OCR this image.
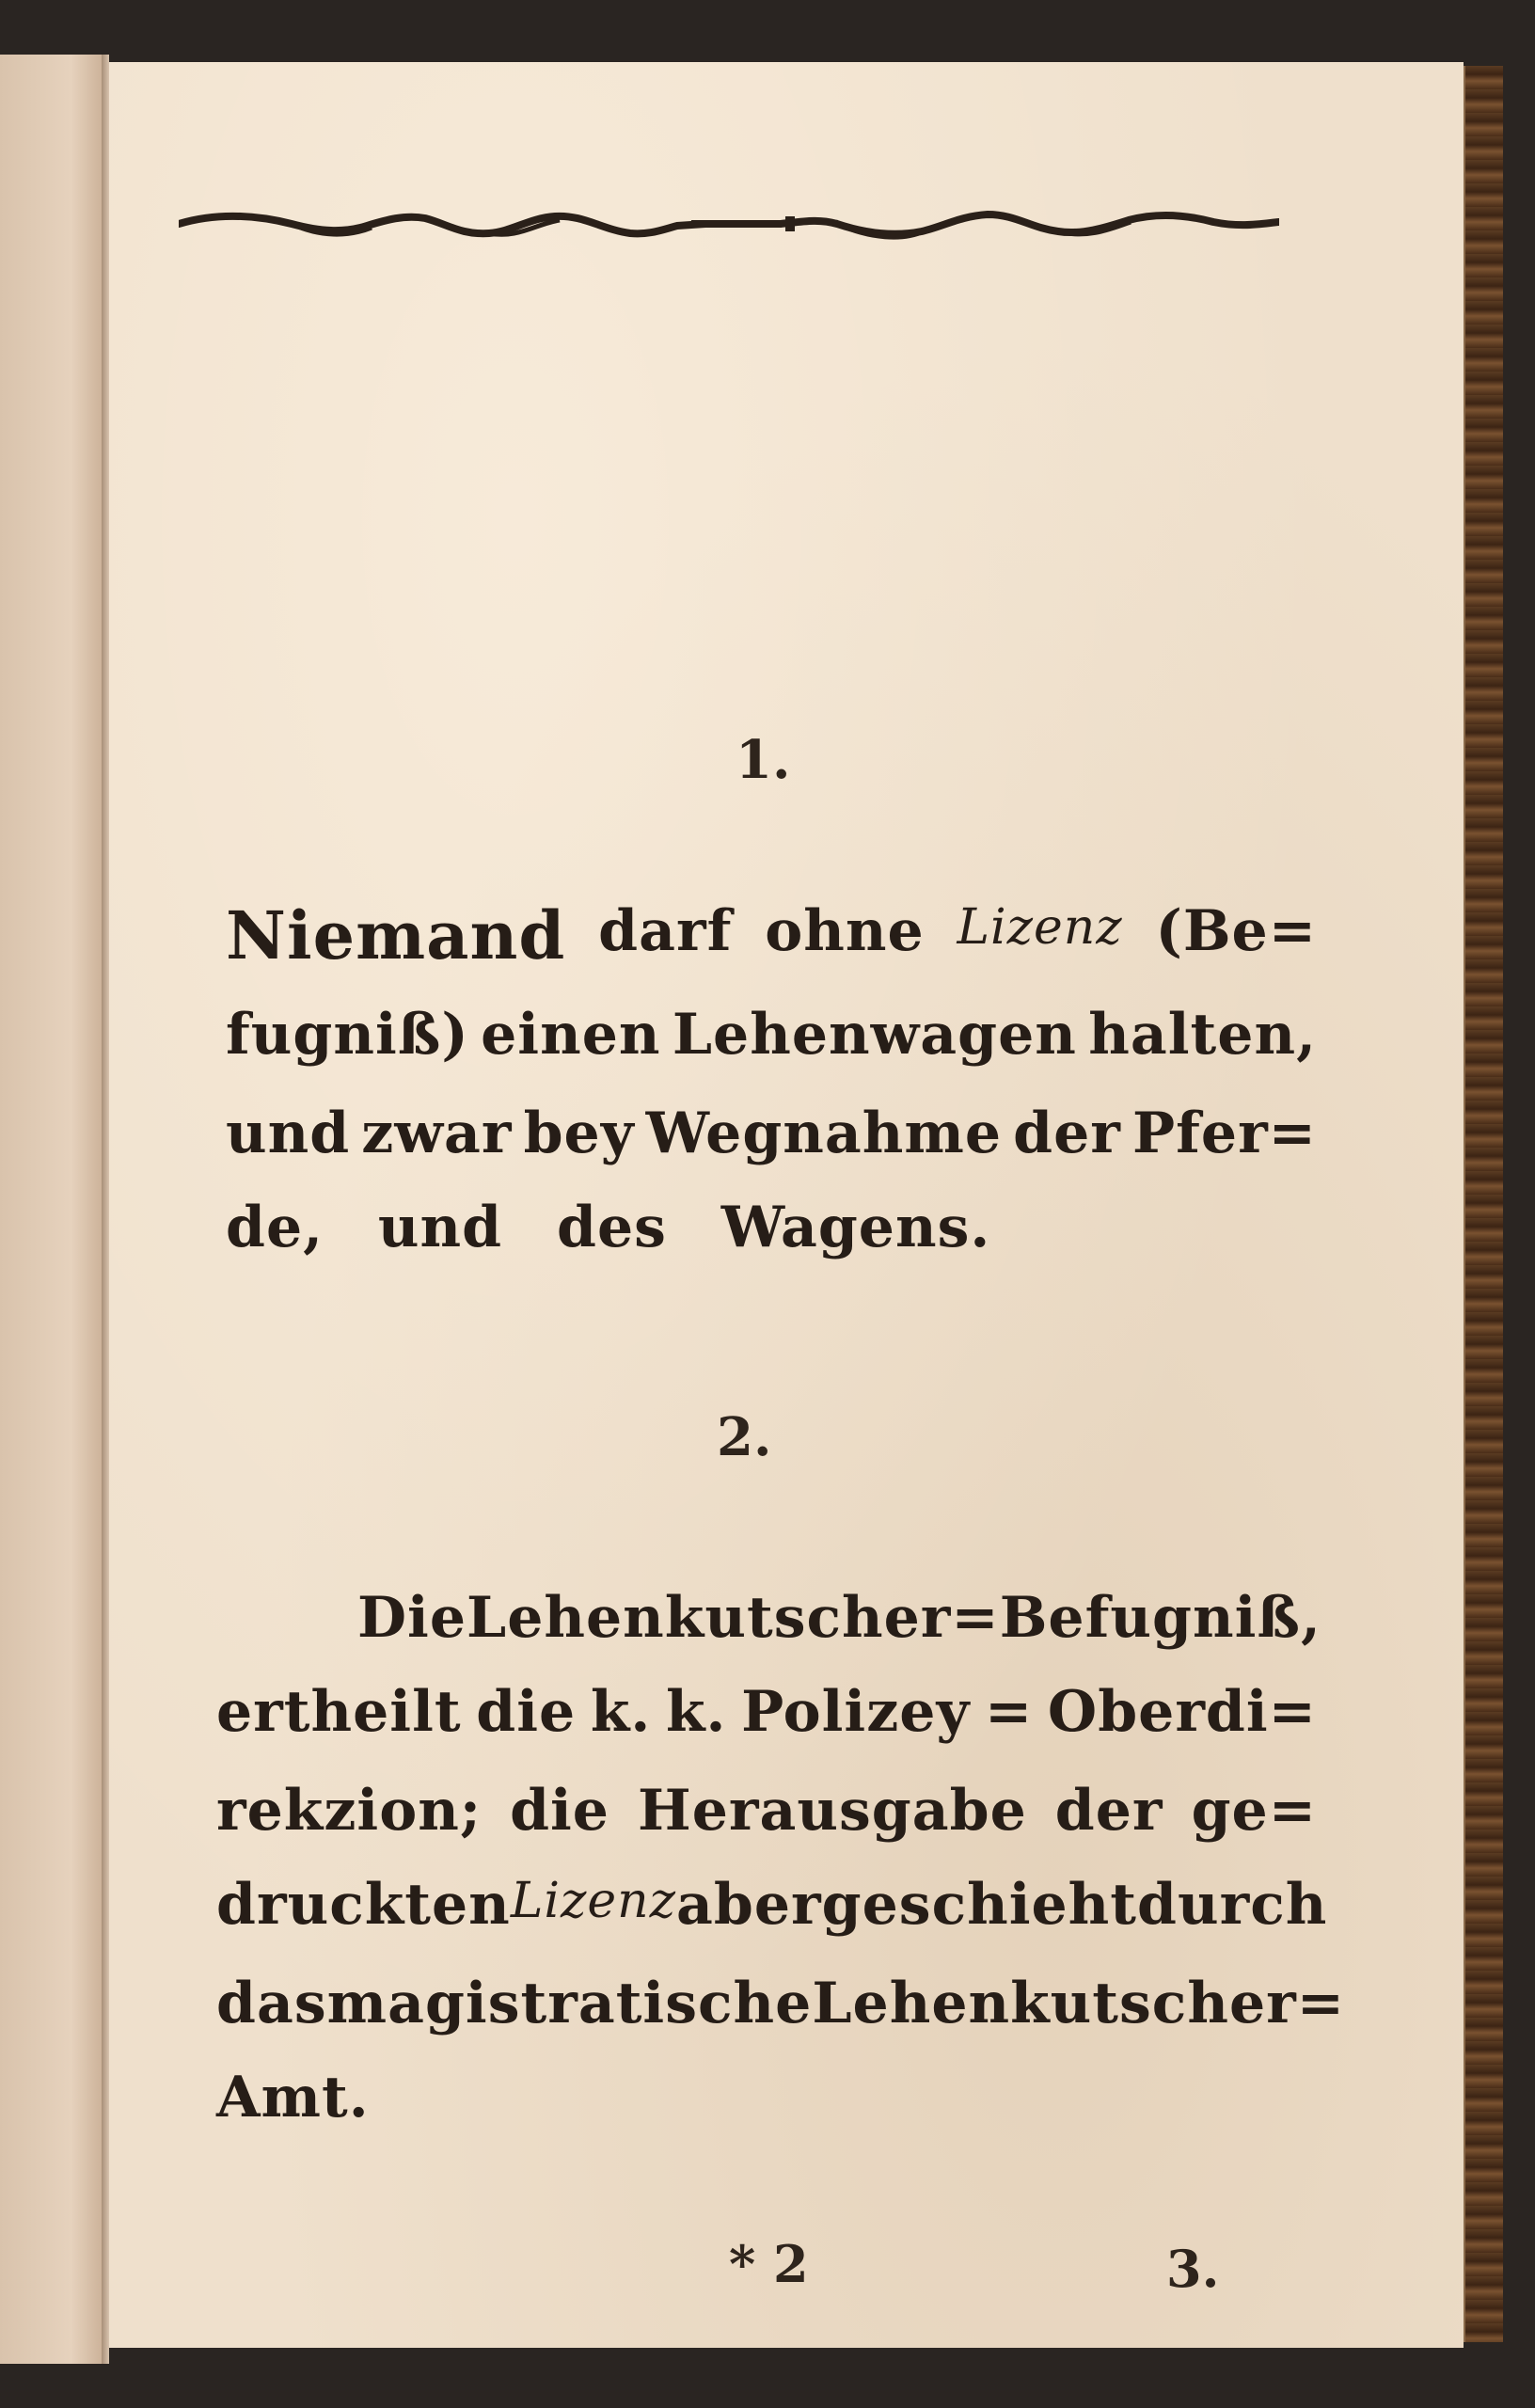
1.
Niemand darf ohne Lizenz (Be=
fugniß) einen Lehenwagen halten,
und zwar bey Wegnahme der Pfer=
de, und des Wagens.
2.
Die Lehenkutscher = Befugniß,
ertheilt die k. k. Polizey = Oberdi=
rekzion; die Herausgabe der ge=
druckten Lizenz aber geschieht durch
das magistratische Lehenkutscher=
Amt.
* 2	3.
